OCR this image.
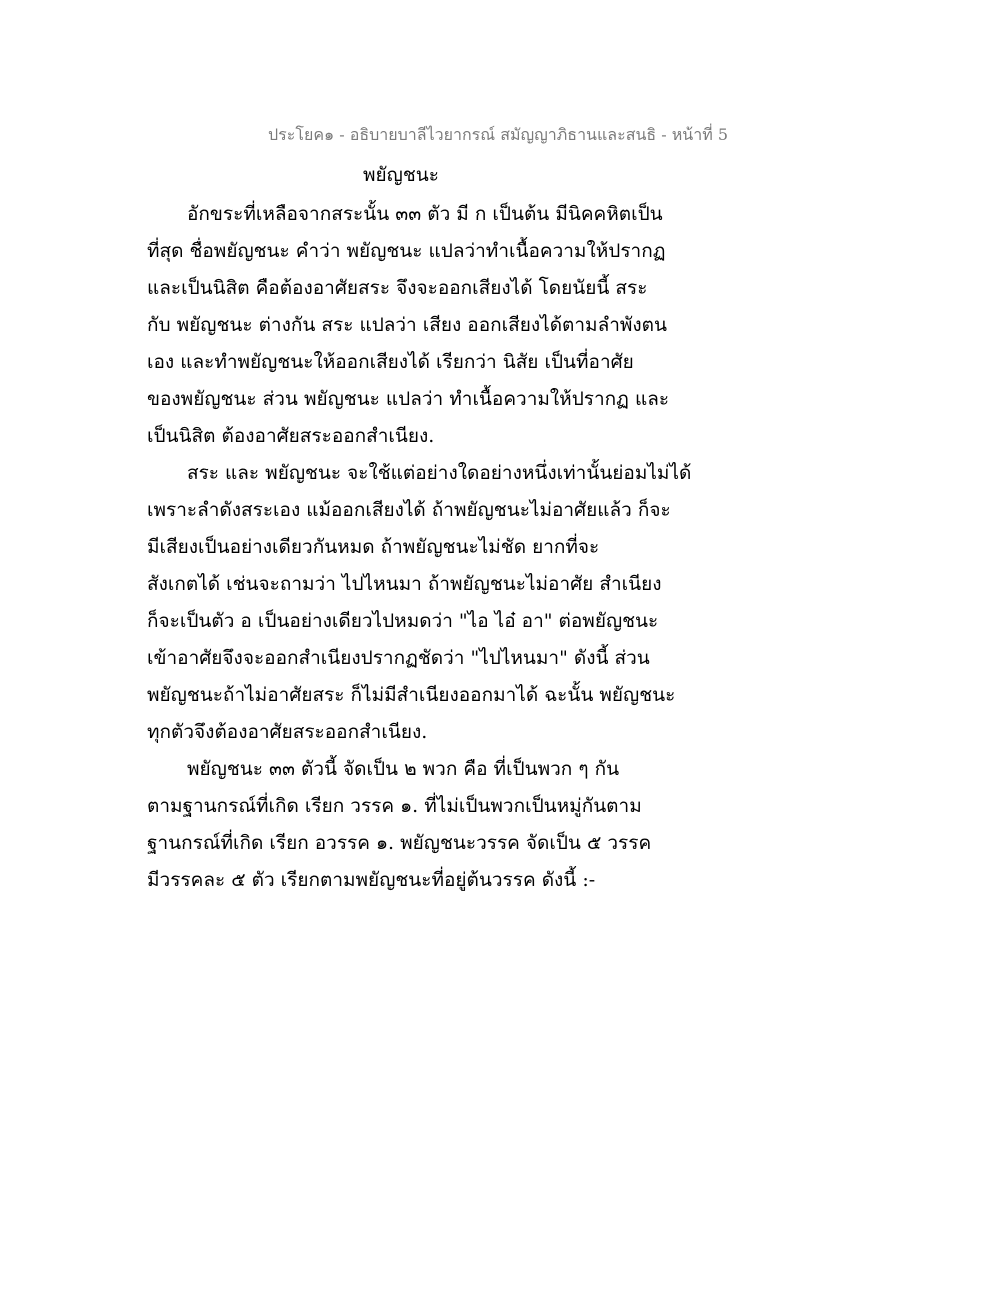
ประโยค๑ - อธิบายบาลีไวยากรณ์ สมัญญาภิธานและสนธิ - หน้าที่ 5
พยัญชนะ
อักขระที่เหลือจากสระนั้น ๓๓ ตัว มี ก เป็นต้น มีนิคคหิตเป็น
ที่สุด ชื่อพยัญชนะ คำว่า พยัญชนะ แปลว่าทำเนื้อความให้ปรากฏ
และเป็นนิสิต คือต้องอาศัยสระ จึงจะออกเสียงได้ โดยนัยนี้ สระ
กับ พยัญชนะ ต่างกัน สระ แปลว่า เสียง ออกเสียงได้ตามลำพังตน
เอง และทำพยัญชนะให้ออกเสียงได้ เรียกว่า นิสัย เป็นที่อาศัย
ของพยัญชนะ ส่วน พยัญชนะ แปลว่า ทำเนื้อความให้ปรากฏ และ
เป็นนิสิต ต้องอาศัยสระออกสำเนียง.
สระ และ พยัญชนะ จะใช้แต่อย่างใดอย่างหนึ่งเท่านั้นย่อมไม่ได้
เพราะลำดังสระเอง แม้ออกเสียงได้ ถ้าพยัญชนะไม่อาศัยแล้ว ก็จะ
มีเสียงเป็นอย่างเดียวกันหมด ถ้าพยัญชนะไม่ชัด ยากที่จะ
สังเกตได้ เช่นจะถามว่า ไปไหนมา ถ้าพยัญชนะไม่อาศัย สำเนียง
ก็จะเป็นตัว อ เป็นอย่างเดียวไปหมดว่า "ไอ ไอ๋ อา" ต่อพยัญชนะ
เข้าอาศัยจึงจะออกสำเนียงปรากฏชัดว่า "ไปไหนมา" ดังนี้ ส่วน
พยัญชนะถ้าไม่อาศัยสระ ก็ไม่มีสำเนียงออกมาได้ ฉะนั้น พยัญชนะ
ทุกตัวจึงต้องอาศัยสระออกสำเนียง.
พยัญชนะ ๓๓ ตัวนี้ จัดเป็น ๒ พวก คือ ที่เป็นพวก ๆ กัน
ตามฐานกรณ์ที่เกิด เรียก วรรค ๑. ที่ไม่เป็นพวกเป็นหมู่กันตาม
ฐานกรณ์ที่เกิด เรียก อวรรค ๑. พยัญชนะวรรค จัดเป็น ๕ วรรค
มีวรรคละ ๕ ตัว เรียกตามพยัญชนะที่อยู่ต้นวรรค ดังนี้ :-
